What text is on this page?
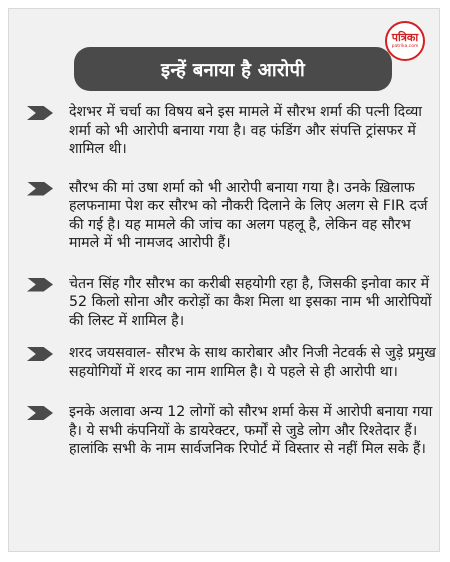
पत्रिका
patrika.com
इन्हें बनाया है आरोपी
देशभर में चर्चा का विषय बने इस मामले में सौरभ शर्मा की पत्नी दिव्या शर्मा को भी आरोपी बनाया गया है। वह फंडिंग और संपत्ति ट्रांसफर में शामिल थी।
सौरभ की मां उषा शर्मा को भी आरोपी बनाया गया है। उनके ख़िलाफ हलफनामा पेश कर सौरभ को नौकरी दिलाने के लिए अलग से FIR दर्ज की गई है। यह मामले की जांच का अलग पहलू है, लेकिन वह सौरभ मामले में भी नामजद आरोपी हैं।
चेतन सिंह गौर सौरभ का करीबी सहयोगी रहा है, जिसकी इनोवा कार में 52 किलो सोना और करोड़ों का कैश मिला था इसका नाम भी आरोपियों की लिस्ट में शामिल है।
शरद जयसवाल- सौरभ के साथ कारोबार और निजी नेटवर्क से जुड़े प्रमुख सहयोगियों में शरद का नाम शामिल है। ये पहले से ही आरोपी था।
इनके अलावा अन्य 12 लोगों को सौरभ शर्मा केस में आरोपी बनाया गया है। ये सभी कंपनियों के डायरेक्टर, फर्मों से जुडे लोग और रिश्तेदार हैं। हालांकि सभी के नाम सार्वजनिक रिपोर्ट में विस्तार से नहीं मिल सके हैं।
